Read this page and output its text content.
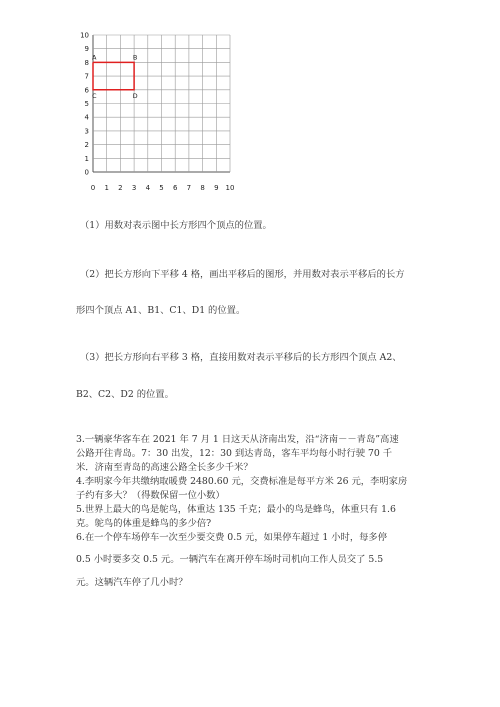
0 1 2 3 4 5 6 7 8 9 10
0
1
2
3
4
5
6
7
8
9
10
A	B
C	D
（1）用数对表示图中长方形四个顶点的位置。
（2）把长方形向下平移 4 格，画出平移后的图形，并用数对表示平移后的长方
形四个顶点 A1、B1、C1、D1 的位置。
（3）把长方形向右平移 3 格，直接用数对表示平移后的长方形四个顶点 A2、
B2、C2、D2 的位置。
3.一辆豪华客车在 2021 年 7 月 1 日这天从济南出发，沿“济南－－青岛”高速
公路开往青岛。7：30 出发，12：30 到达青岛，客车平均每小时行驶 70 千
米．济南至青岛的高速公路全长多少千米？
4.李明家今年共缴纳取暖费 2480.60 元，交费标准是每平方米 26 元，李明家房
子约有多大？（得数保留一位小数）
5.世界上最大的鸟是鸵鸟，体重达 135 千克；最小的鸟是蜂鸟，体重只有 1.6
克。鸵鸟的体重是蜂鸟的多少倍?
6.在一个停车场停车一次至少要交费 0.5 元，如果停车超过 1 小时，每多停
0.5 小时要多交 0.5 元。一辆汽车在离开停车场时司机向工作人员交了 5.5
元。这辆汽车停了几小时？
